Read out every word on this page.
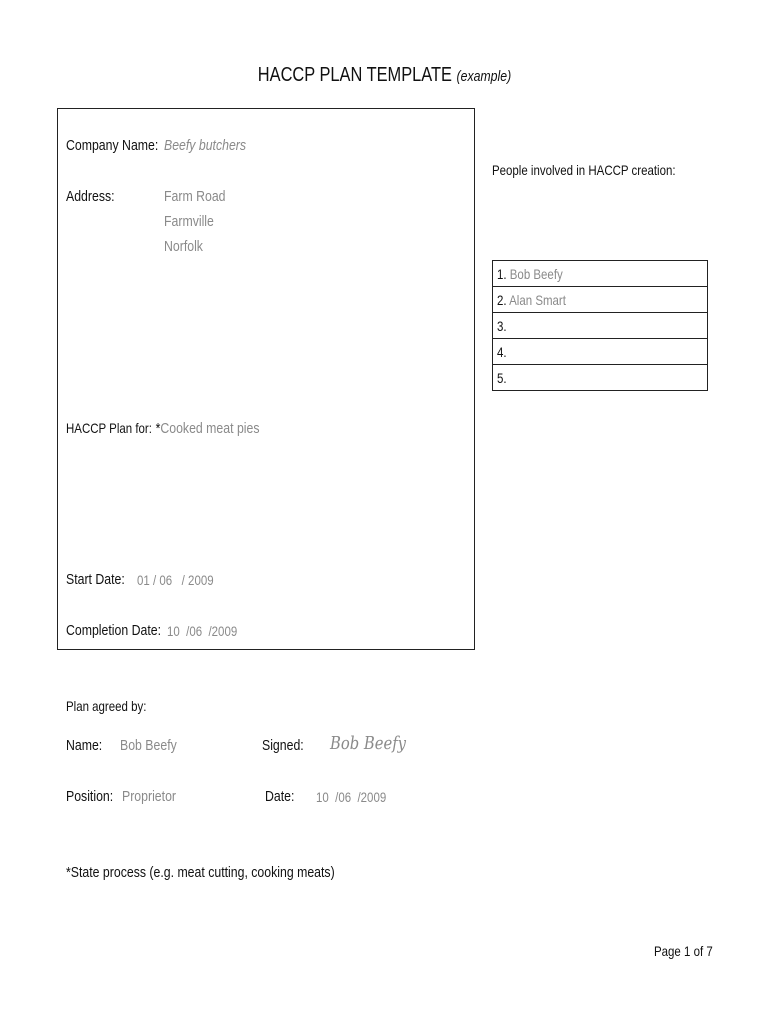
HACCP PLAN TEMPLATE (example)
Company Name: Beefy butchers
Address:	Farm Road
Farmville
Norfolk
HACCP Plan for: *Cooked meat pies
Start Date: 01 / 06   / 2009
Completion Date: 10  /06  /2009
People involved in HACCP creation:
1. Bob Beefy
2. Alan Smart
3.
4.
5.
Plan agreed by:
Name:	Bob Beefy	Signed:	Bob Beefy
Position: Proprietor	Date:	10  /06  /2009
*State process (e.g. meat cutting, cooking meats)
Page 1 of 7
